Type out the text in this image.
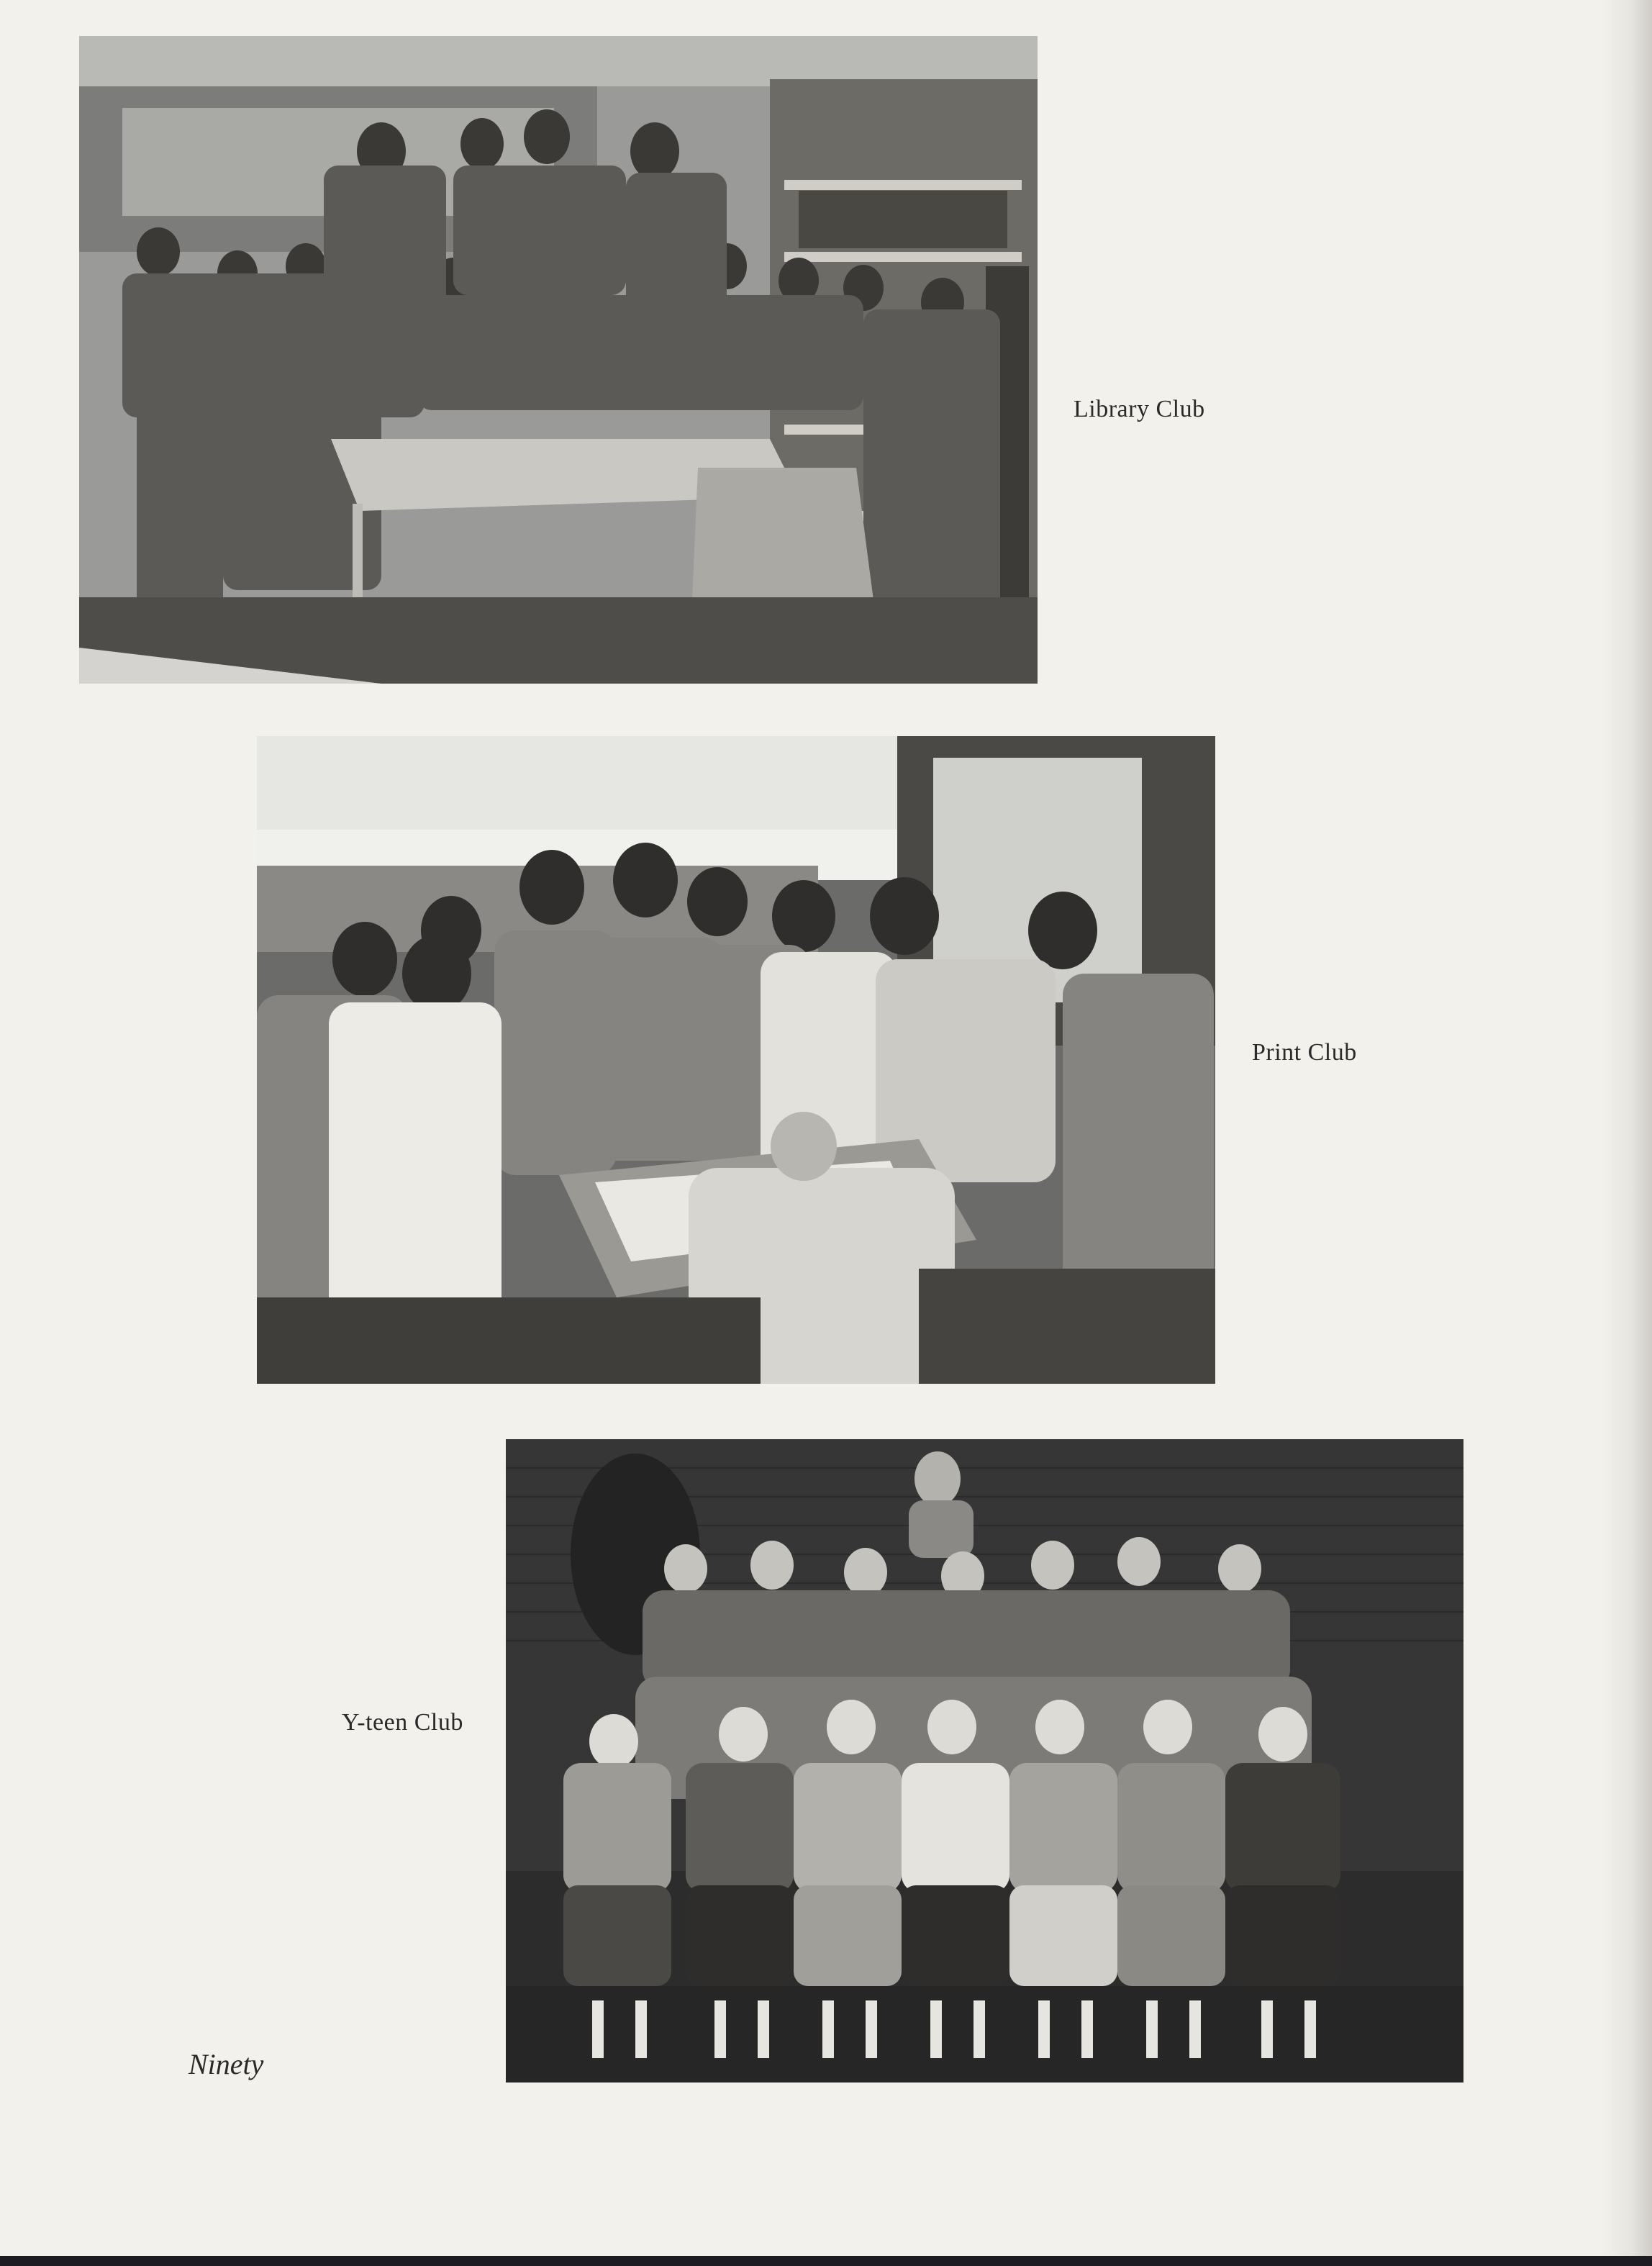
Library Club
Print Club
Y-teen Club
Ninety
